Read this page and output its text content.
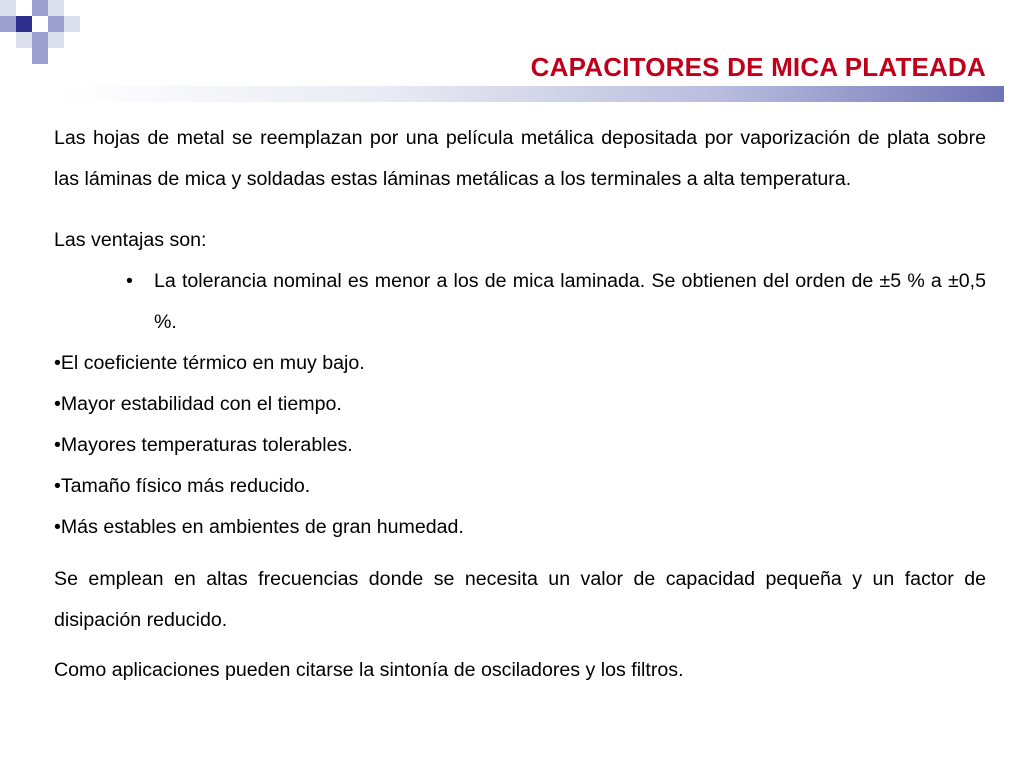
CAPACITORES DE MICA PLATEADA

Las hojas de metal se reemplazan por una película metálica depositada por vaporización de plata sobre las láminas de mica y soldadas estas láminas metálicas a los terminales a alta temperatura.

Las ventajas son:

•	La tolerancia nominal es menor a los de mica laminada. Se obtienen del orden de ±5 % a ±0,5 %.

•El coeficiente térmico en muy bajo.

•Mayor estabilidad con el tiempo.

•Mayores temperaturas tolerables.

•Tamaño físico más reducido.

•Más estables en ambientes de gran humedad.

Se emplean en altas frecuencias donde se necesita un valor de capacidad pequeña y un factor de disipación reducido.

Como aplicaciones pueden citarse la sintonía de osciladores y los filtros.
